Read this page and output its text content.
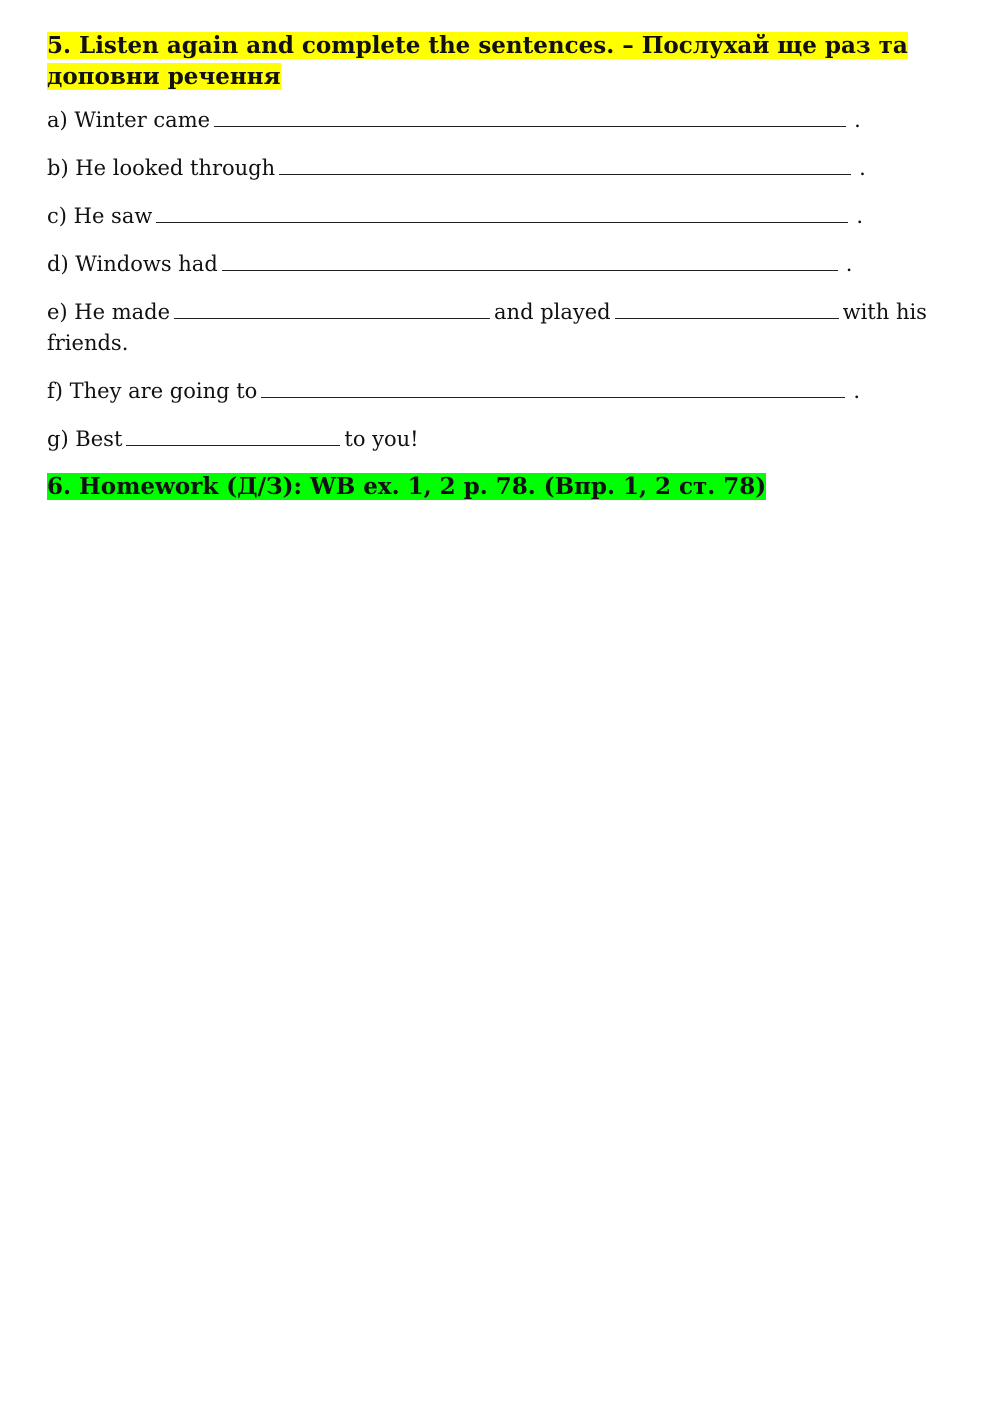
5. Listen again and complete the sentences. – Послухай ще раз та доповни речення

a) Winter came	.

b) He looked through	.

c) He saw	.

d) Windows had	.

e) He made	and played	with his friends.

f) They are going to	.

g) Best	to you!

6. Homework (Д/З): WB ex. 1, 2 p. 78. (Впр. 1, 2 ст. 78)
